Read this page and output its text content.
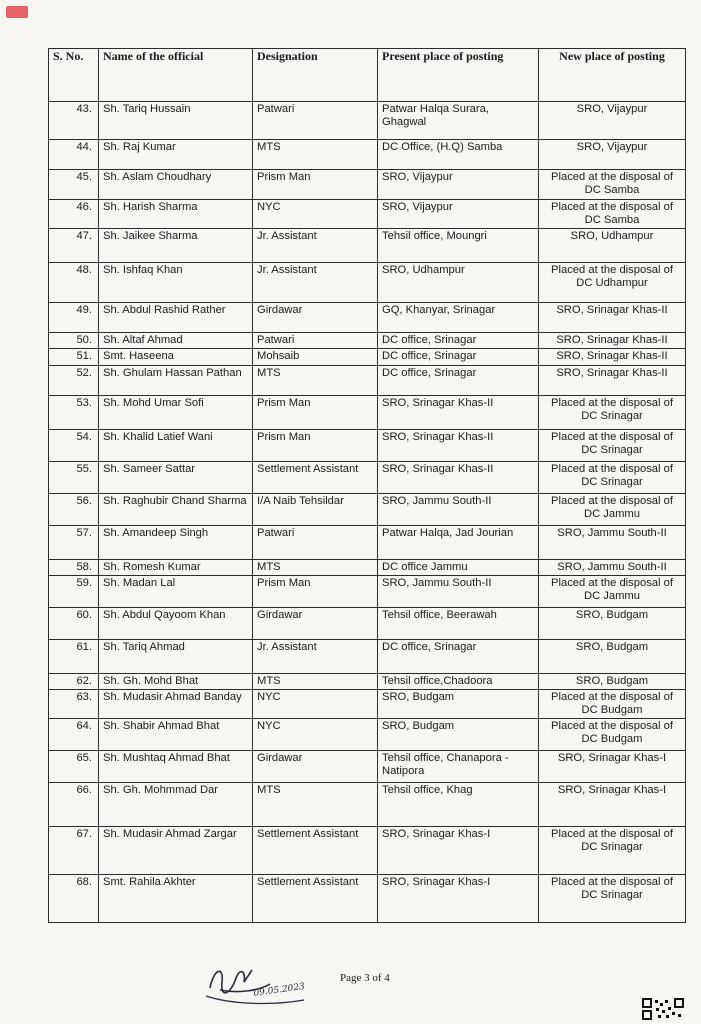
S. No.	Name of the official	Designation	Present place of posting	New place of posting
43.	Sh. Tariq Hussain	Patwari	Patwar Halqa Surara, Ghagwal	SRO, Vijaypur
44.	Sh. Raj Kumar	MTS	DC Office, (H.Q) Samba	SRO, Vijaypur
45.	Sh. Aslam Choudhary	Prism Man	SRO, Vijaypur	Placed at the disposal of DC Samba
46.	Sh. Harish Sharma	NYC	SRO, Vijaypur	Placed at the disposal of DC Samba
47.	Sh. Jaikee Sharma	Jr. Assistant	Tehsil office, Moungri	SRO, Udhampur
48.	Sh. Ishfaq Khan	Jr. Assistant	SRO, Udhampur	Placed at the disposal of DC Udhampur
49.	Sh. Abdul Rashid Rather	Girdawar	GQ, Khanyar, Srinagar	SRO, Srinagar Khas-II
50.	Sh. Altaf Ahmad	Patwari	DC office, Srinagar	SRO, Srinagar Khas-II
51.	Smt. Haseena	Mohsaib	DC office, Srinagar	SRO, Srinagar Khas-II
52.	Sh. Ghulam Hassan Pathan	MTS	DC office, Srinagar	SRO, Srinagar Khas-II
53.	Sh. Mohd Umar Sofi	Prism Man	SRO, Srinagar Khas-II	Placed at the disposal of DC Srinagar
54.	Sh. Khalid Latief Wani	Prism Man	SRO, Srinagar Khas-II	Placed at the disposal of DC Srinagar
55.	Sh. Sameer Sattar	Settlement Assistant	SRO, Srinagar Khas-II	Placed at the disposal of DC Srinagar
56.	Sh. Raghubir Chand Sharma	I/A Naib Tehsildar	SRO, Jammu South-II	Placed at the disposal of DC Jammu
57.	Sh. Amandeep Singh	Patwari	Patwar Halqa, Jad Jourian	SRO, Jammu South-II
58.	Sh. Romesh Kumar	MTS	DC office Jammu	SRO, Jammu South-II
59.	Sh. Madan Lal	Prism Man	SRO, Jammu South-II	Placed at the disposal of DC Jammu
60.	Sh. Abdul Qayoom Khan	Girdawar	Tehsil office, Beerawah	SRO, Budgam
61.	Sh. Tariq Ahmad	Jr. Assistant	DC office, Srinagar	SRO, Budgam
62.	Sh. Gh. Mohd Bhat	MTS	Tehsil office,Chadoora	SRO, Budgam
63.	Sh. Mudasir Ahmad Banday	NYC	SRO, Budgam	Placed at the disposal of DC Budgam
64.	Sh. Shabir Ahmad Bhat	NYC	SRO, Budgam	Placed at the disposal of DC Budgam
65.	Sh. Mushtaq Ahmad Bhat	Girdawar	Tehsil office, Chanapora -Natipora	SRO, Srinagar Khas-I
66.	Sh. Gh. Mohmmad Dar	MTS	Tehsil office, Khag	SRO, Srinagar Khas-I
67.	Sh. Mudasir Ahmad Zargar	Settlement Assistant	SRO, Srinagar Khas-I	Placed at the disposal of DC Srinagar
68.	Smt. Rahila Akhter	Settlement Assistant	SRO, Srinagar Khas-I	Placed at the disposal of DC Srinagar
09.05.2023
Page 3 of 4
